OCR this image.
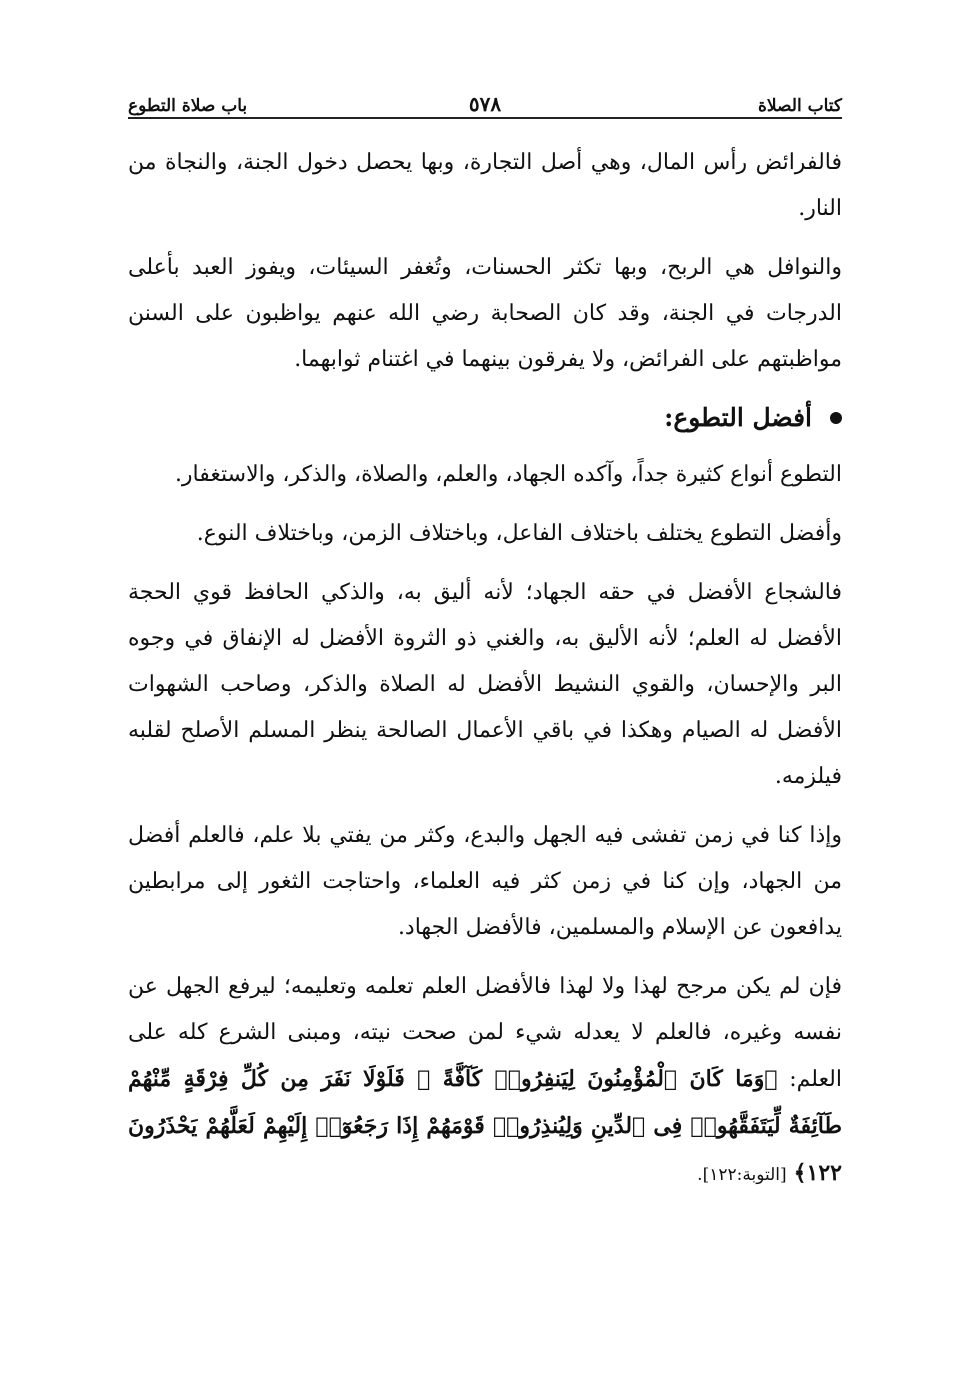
كتاب الصلاة
٥٧٨
باب صلاة التطوع

فالفرائض رأس المال، وهي أصل التجارة، وبها يحصل دخول الجنة، والنجاة من النار.

والنوافل هي الربح، وبها تكثر الحسنات، وتُغفر السيئات، ويفوز العبد بأعلى الدرجات في الجنة، وقد كان الصحابة رضي الله عنهم يواظبون على السنن مواظبتهم على الفرائض، ولا يفرقون بينهما في اغتنام ثوابهما.

أفضل التطوع:

التطوع أنواع كثيرة جداً، وآكده الجهاد، والعلم، والصلاة، والذكر، والاستغفار.

وأفضل التطوع يختلف باختلاف الفاعل، وباختلاف الزمن، وباختلاف النوع.

فالشجاع الأفضل في حقه الجهاد؛ لأنه أليق به، والذكي الحافظ قوي الحجة الأفضل له العلم؛ لأنه الأليق به، والغني ذو الثروة الأفضل له الإنفاق في وجوه البر والإحسان، والقوي النشيط الأفضل له الصلاة والذكر، وصاحب الشهوات الأفضل له الصيام وهكذا في باقي الأعمال الصالحة ينظر المسلم الأصلح لقلبه فيلزمه.

وإذا كنا في زمن تفشى فيه الجهل والبدع، وكثر من يفتي بلا علم، فالعلم أفضل من الجهاد، وإن كنا في زمن كثر فيه العلماء، واحتاجت الثغور إلى مرابطين يدافعون عن الإسلام والمسلمين، فالأفضل الجهاد.

فإن لم يكن مرجح لهذا ولا لهذا فالأفضل العلم تعلمه وتعليمه؛ ليرفع الجهل عن نفسه وغيره، فالعلم لا يعدله شيء لمن صحت نيته، ومبنى الشرع كله على العلم: ﴿وَمَا كَانَ ٱلْمُؤْمِنُونَ لِيَنفِرُوا۟ كَآفَّةً ۚ فَلَوْلَا نَفَرَ مِن كُلِّ فِرْقَةٍ مِّنْهُمْ طَآئِفَةٌ لِّيَتَفَقَّهُوا۟ فِى ٱلدِّينِ وَلِيُنذِرُوا۟ قَوْمَهُمْ إِذَا رَجَعُوٓا۟ إِلَيْهِمْ لَعَلَّهُمْ يَحْذَرُونَ ١٢٢﴾ [التوبة:١٢٢].
